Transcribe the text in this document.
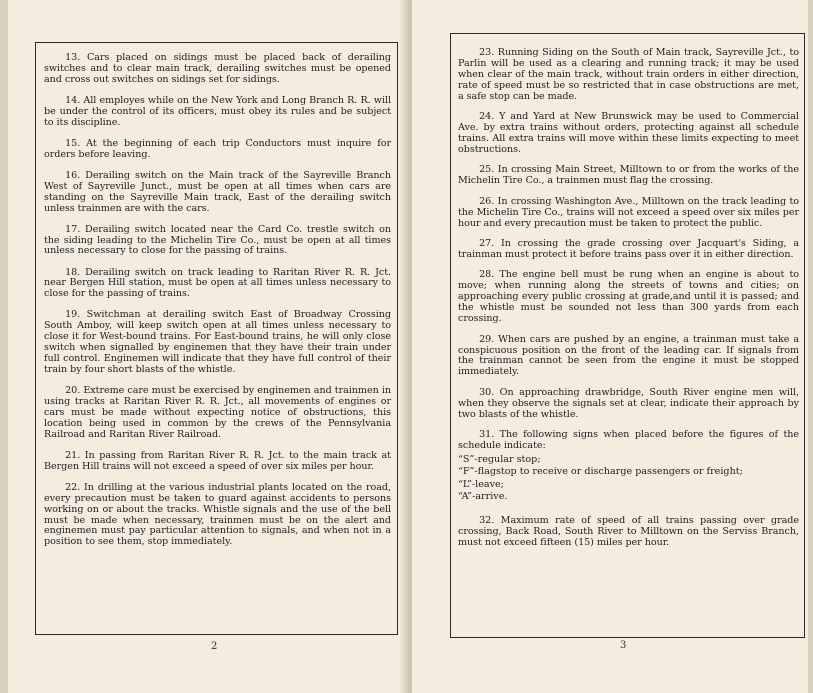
13. Cars placed on sidings must be placed back of derailing switches and to clear main track, derailing switches must be opened and cross out switches on sidings set for sidings.

14. All employes while on the New York and Long Branch R. R. will be under the control of its officers, must obey its rules and be subject to its discipline.

15. At the beginning of each trip Conductors must inquire for orders before leaving.

16. Derailing switch on the Main track of the Sayreville Branch West of Sayreville Junct., must be open at all times when cars are standing on the Sayreville Main track, East of the derailing switch unless trainmen are with the cars.

17. Derailing switch located near the Card Co. trestle switch on the siding leading to the Michelin Tire Co., must be open at all times unless necessary to close for the passing of trains.

18. Derailing switch on track leading to Raritan River R. R. Jct. near Bergen Hill station, must be open at all times unless necessary to close for the passing of trains.

19. Switchman at derailing switch East of Broadway Crossing South Amboy, will keep switch open at all times unless necessary to close it for West-bound trains. For East-bound trains, he will only close switch when signalled by enginemen that they have their train under full control. Enginemen will indicate that they have full control of their train by four short blasts of the whistle.

20. Extreme care must be exercised by enginemen and trainmen in using tracks at Raritan River R. R. Jct., all movements of engines or cars must be made without expecting notice of obstructions, this location being used in common by the crews of the Pennsylvania Railroad and Raritan River Railroad.

21. In passing from Raritan River R. R. Jct. to the main track at Bergen Hill trains will not exceed a speed of over six miles per hour.

22. In drilling at the various industrial plants located on the road, every precaution must be taken to guard against accidents to persons working on or about the tracks. Whistle signals and the use of the bell must be made when necessary, trainmen must be on the alert and enginemen must pay particular attention to signals, and when not in a position to see them, stop immediately.

2

23. Running Siding on the South of Main track, Sayreville Jct., to Parlin will be used as a clearing and running track; it may be used when clear of the main track, without train orders in either direction, rate of speed must be so restricted that in case obstructions are met, a safe stop can be made.

24. Y and Yard at New Brunswick may be used to Commercial Ave. by extra trains without orders, protecting against all schedule trains. All extra trains will move within these limits expecting to meet obstructions.

25. In crossing Main Street, Milltown to or from the works of the Michelin Tire Co., a trainmen must flag the crossing.

26. In crossing Washington Ave., Milltown on the track leading to the Michelin Tire Co., trains will not exceed a speed over six miles per hour and every precaution must be taken to protect the public.

27. In crossing the grade crossing over Jacquart's Siding, a trainman must protect it before trains pass over it in either direction.

28. The engine bell must be rung when an engine is about to move; when running along the streets of towns and cities; on approaching every public crossing at grade,and until it is passed; and the whistle must be sounded not less than 300 yards from each crossing.

29. When cars are pushed by an engine, a trainman must take a conspicuous position on the front of the leading car. If signals from the trainman cannot be seen from the engine it must be stopped immediately.

30. On approaching drawbridge, South River engine men will, when they observe the signals set at clear, indicate their approach by two blasts of the whistle.

31. The following signs when placed before the figures of the schedule indicate:

“S”-regular stop;

“F”-flagstop to receive or discharge passengers or freight;

“L”-leave;

“A”-arrive.

32. Maximum rate of speed of all trains passing over grade crossing, Back Road, South River to Milltown on the Serviss Branch, must not exceed fifteen (15) miles per hour.

3
